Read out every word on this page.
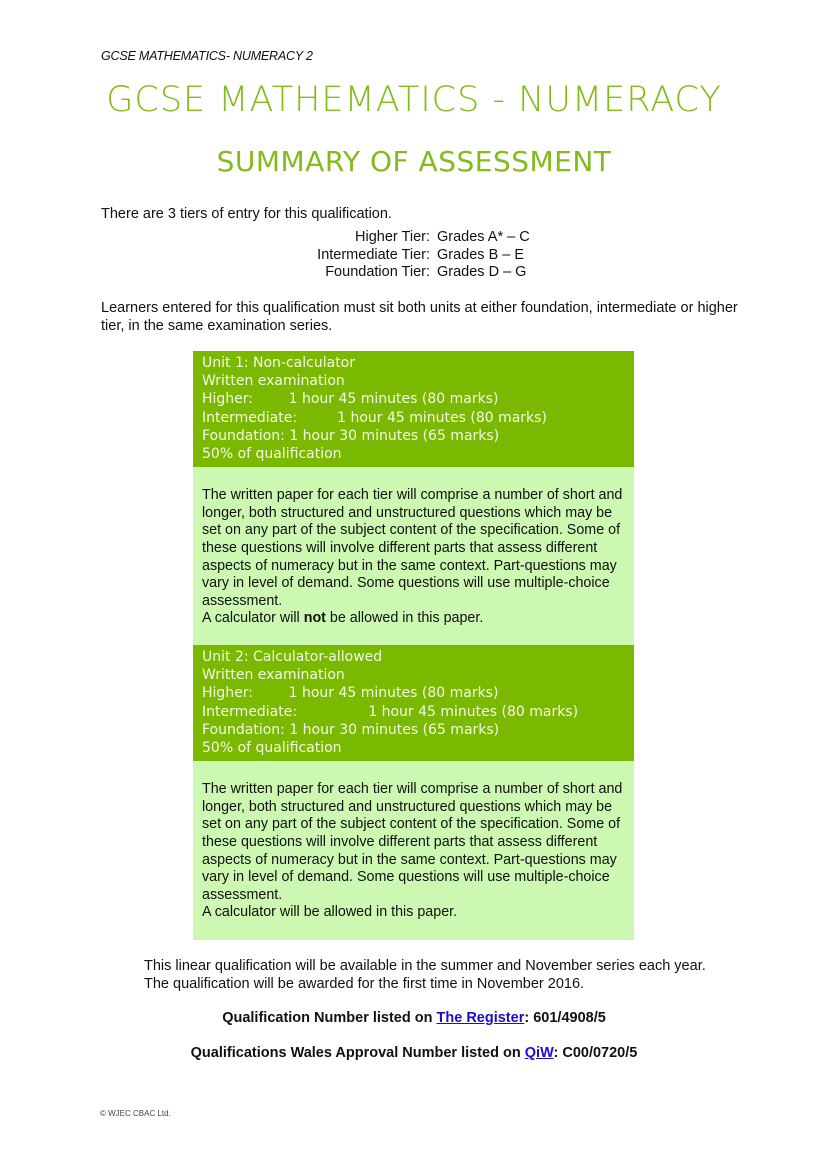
GCSE MATHEMATICS- NUMERACY 2
GCSE MATHEMATICS - NUMERACY
SUMMARY OF ASSESSMENT
There are 3 tiers of entry for this qualification.
Higher Tier: Grades A* – C
Intermediate Tier: Grades B – E
Foundation Tier: Grades D – G
Learners entered for this qualification must sit both units at either foundation, intermediate or higher tier, in the same examination series.
Unit 1: Non-calculator
Written examination
Higher:        1 hour 45 minutes (80 marks)
Intermediate:         1 hour 45 minutes (80 marks)
Foundation: 1 hour 30 minutes (65 marks)
50% of qualification
The written paper for each tier will comprise a number of short and longer, both structured and unstructured questions which may be set on any part of the subject content of the specification. Some of these questions will involve different parts that assess different aspects of numeracy but in the same context. Part-questions may vary in level of demand. Some questions will use multiple-choice assessment.
A calculator will not be allowed in this paper.
Unit 2: Calculator-allowed
Written examination
Higher:        1 hour 45 minutes (80 marks)
Intermediate:                1 hour 45 minutes (80 marks)
Foundation: 1 hour 30 minutes (65 marks)
50% of qualification
The written paper for each tier will comprise a number of short and longer, both structured and unstructured questions which may be set on any part of the subject content of the specification. Some of these questions will involve different parts that assess different aspects of numeracy but in the same context. Part-questions may vary in level of demand. Some questions will use multiple-choice assessment.
A calculator will be allowed in this paper.
This linear qualification will be available in the summer and November series each year. The qualification will be awarded for the first time in November 2016.
Qualification Number listed on The Register: 601/4908/5
Qualifications Wales Approval Number listed on QiW: C00/0720/5
© WJEC CBAC Ltd.
